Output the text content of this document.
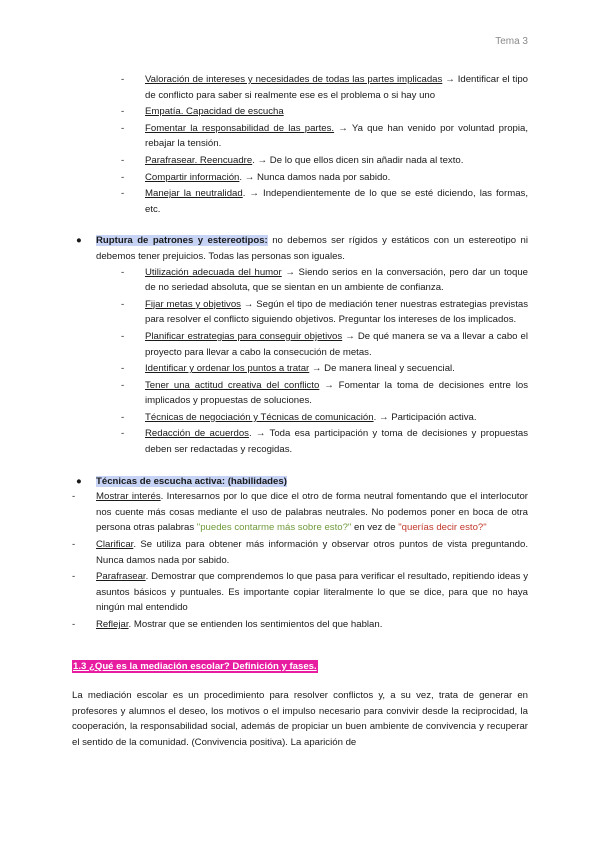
Tema 3
- Valoración de intereses y necesidades de todas las partes implicadas → Identificar el tipo de conflicto para saber si realmente ese es el problema o si hay uno
- Empatía. Capacidad de escucha
- Fomentar la responsabilidad de las partes. → Ya que han venido por voluntad propia, rebajar la tensión.
- Parafrasear. Reencuadre. → De lo que ellos dicen sin añadir nada al texto.
- Compartir información. → Nunca damos nada por sabido.
- Manejar la neutralidad. → Independientemente de lo que se esté diciendo, las formas, etc.
● Ruptura de patrones y estereotipos: no debemos ser rígidos y estáticos con un estereotipo ni debemos tener prejuicios. Todas las personas son iguales.
- Utilización adecuada del humor → Siendo serios en la conversación, pero dar un toque de no seriedad absoluta, que se sientan en un ambiente de confianza.
- Fijar metas y objetivos → Según el tipo de mediación tener nuestras estrategias previstas para resolver el conflicto siguiendo objetivos. Preguntar los intereses de los implicados.
- Planificar estrategias para conseguir objetivos → De qué manera se va a llevar a cabo el proyecto para llevar a cabo la consecución de metas.
- Identificar y ordenar los puntos a tratar → De manera lineal y secuencial.
- Tener una actitud creativa del conflicto → Fomentar la toma de decisiones entre los implicados y propuestas de soluciones.
- Técnicas de negociación y Técnicas de comunicación. → Participación activa.
- Redacción de acuerdos. → Toda esa participación y toma de decisiones y propuestas deben ser redactadas y recogidas.
● Técnicas de escucha activa: (habilidades)
- Mostrar interés. Interesarnos por lo que dice el otro de forma neutral fomentando que el interlocutor nos cuente más cosas mediante el uso de palabras neutrales. No podemos poner en boca de otra persona otras palabras "puedes contarme más sobre esto?" en vez de "querías decir esto?"
- Clarificar. Se utiliza para obtener más información y observar otros puntos de vista preguntando. Nunca damos nada por sabido.
- Parafrasear. Demostrar que comprendemos lo que pasa para verificar el resultado, repitiendo ideas y asuntos básicos y puntuales. Es importante copiar literalmente lo que se dice, para que no haya ningún mal entendido
- Reflejar. Mostrar que se entienden los sentimientos del que hablan.
1.3 ¿Qué es la mediación escolar? Definición y fases.
La mediación escolar es un procedimiento para resolver conflictos y, a su vez, trata de generar en profesores y alumnos el deseo, los motivos o el impulso necesario para convivir desde la reciprocidad, la cooperación, la responsabilidad social, además de propiciar un buen ambiente de convivencia y recuperar el sentido de la comunidad. (Convivencia positiva). La aparición de
